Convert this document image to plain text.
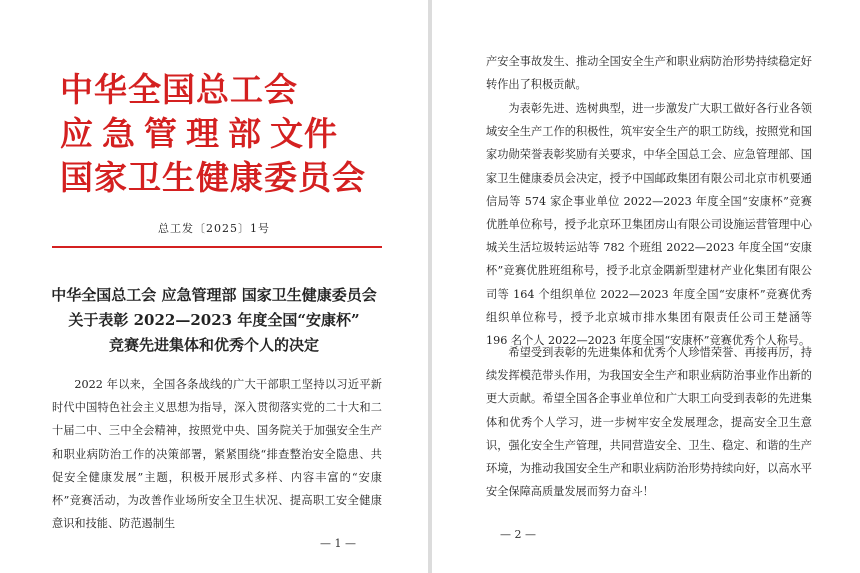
中华全国总工会
应急管理部文件
国家卫生健康委员会
总工发〔2025〕1号
中华全国总工会 应急管理部 国家卫生健康委员会
关于表彰 2022—2023 年度全国“安康杯”
竞赛先进集体和优秀个人的决定

2022 年以来，全国各条战线的广大干部职工坚持以习近平新时代中国特色社会主义思想为指导，深入贯彻落实党的二十大和二十届二中、三中全会精神，按照党中央、国务院关于加强安全生产和职业病防治工作的决策部署，紧紧围绕“排查整治安全隐患、共促安全健康发展”主题，积极开展形式多样、内容丰富的“安康杯”竞赛活动，为改善作业场所安全卫生状况、提高职工安全健康意识和技能、防范遏制生

— 1 —

产安全事故发生、推动全国安全生产和职业病防治形势持续稳定好转作出了积极贡献。

为表彰先进、选树典型，进一步激发广大职工做好各行业各领域安全生产工作的积极性，筑牢安全生产的职工防线，按照党和国家功勋荣誉表彰奖励有关要求，中华全国总工会、应急管理部、国家卫生健康委员会决定，授予中国邮政集团有限公司北京市机要通信局等 574 家企事业单位 2022—2023 年度全国“安康杯”竞赛优胜单位称号，授予北京环卫集团房山有限公司设施运营管理中心城关生活垃圾转运站等 782 个班组 2022—2023 年度全国“安康杯”竞赛优胜班组称号，授予北京金隅新型建材产业化集团有限公司等 164 个组织单位 2022—2023 年度全国“安康杯”竞赛优秀组织单位称号，授予北京城市排水集团有限责任公司王楚涵等 196 名个人 2022—2023 年度全国“安康杯”竞赛优秀个人称号。

希望受到表彰的先进集体和优秀个人珍惜荣誉、再接再厉，持续发挥模范带头作用，为我国安全生产和职业病防治事业作出新的更大贡献。希望全国各企事业单位和广大职工向受到表彰的先进集体和优秀个人学习，进一步树牢安全发展理念，提高安全卫生意识，强化安全生产管理，共同营造安全、卫生、稳定、和谐的生产环境，为推动我国安全生产和职业病防治形势持续向好，以高水平安全保障高质量发展而努力奋斗！

— 2 —
